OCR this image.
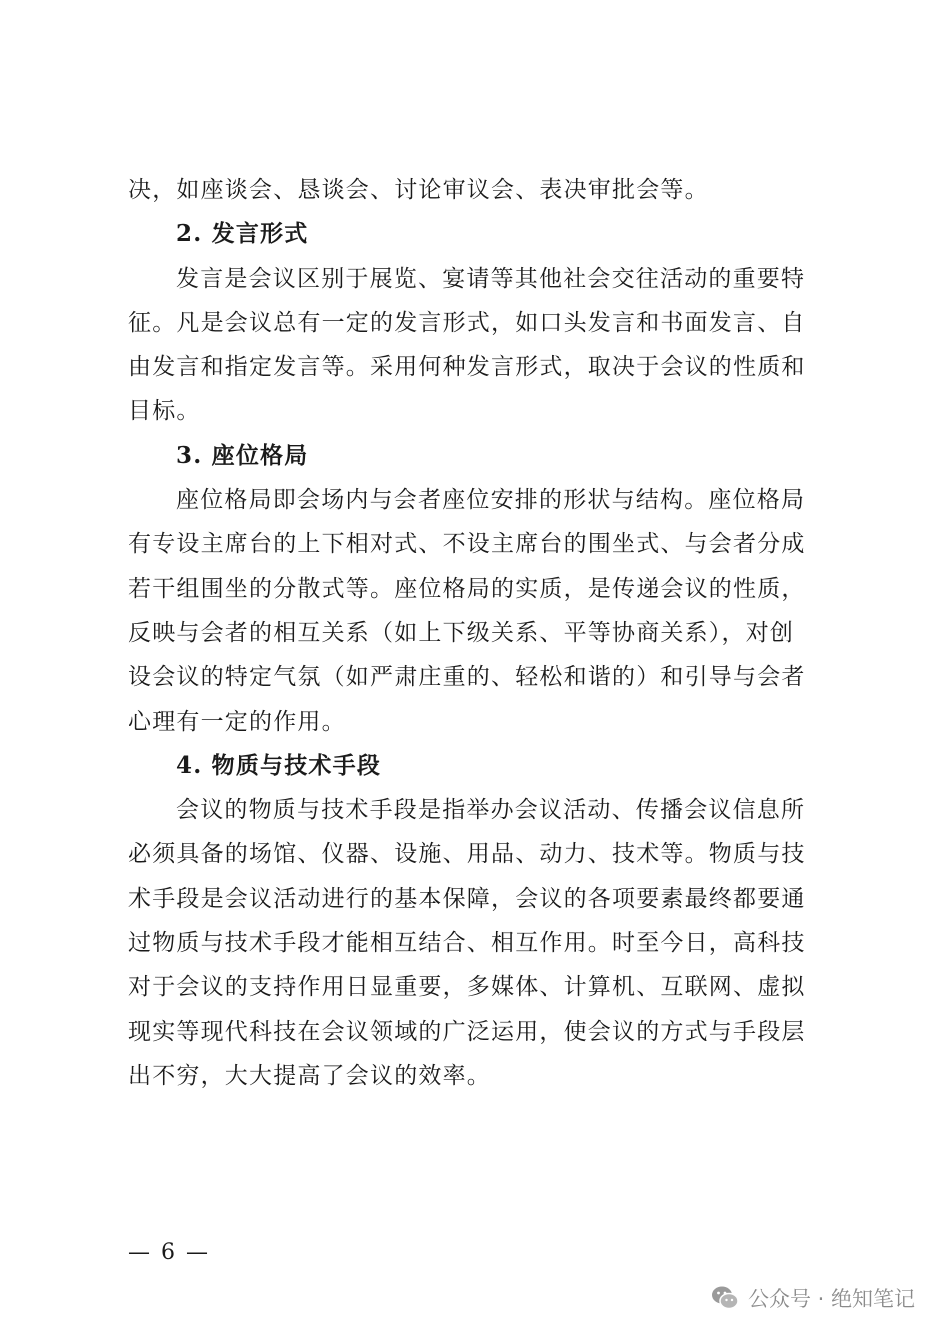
决，如座谈会、恳谈会、讨论审议会、表决审批会等。
2. 发言形式
发言是会议区别于展览、宴请等其他社会交往活动的重要特
征。凡是会议总有一定的发言形式，如口头发言和书面发言、自
由发言和指定发言等。采用何种发言形式，取决于会议的性质和
目标。
3. 座位格局
座位格局即会场内与会者座位安排的形状与结构。座位格局
有专设主席台的上下相对式、不设主席台的围坐式、与会者分成
若干组围坐的分散式等。座位格局的实质，是传递会议的性质，
反映与会者的相互关系（如上下级关系、平等协商关系），对创
设会议的特定气氛（如严肃庄重的、轻松和谐的）和引导与会者
心理有一定的作用。
4. 物质与技术手段
会议的物质与技术手段是指举办会议活动、传播会议信息所
必须具备的场馆、仪器、设施、用品、动力、技术等。物质与技
术手段是会议活动进行的基本保障，会议的各项要素最终都要通
过物质与技术手段才能相互结合、相互作用。时至今日，高科技
对于会议的支持作用日显重要，多媒体、计算机、互联网、虚拟
现实等现代科技在会议领域的广泛运用，使会议的方式与手段层
出不穷，大大提高了会议的效率。
— 6 —
公众号 · 绝知笔记
